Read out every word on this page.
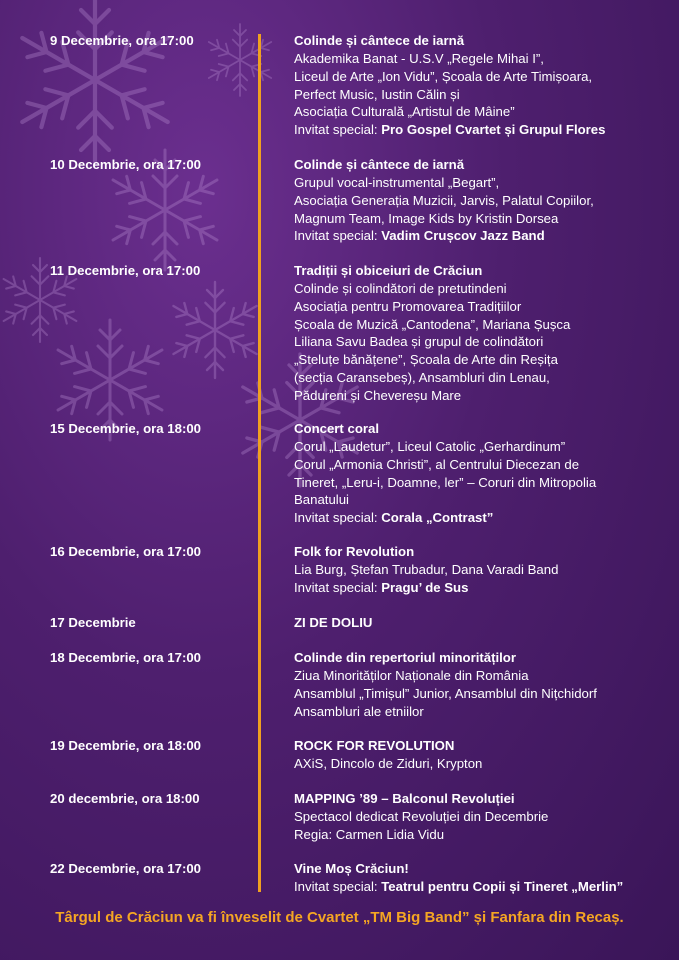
9 Decembrie, ora 17:00	Colinde și cântece de iarnă
Akademika Banat - U.S.V „Regele Mihai I”,
Liceul de Arte „Ion Vidu”, Școala de Arte Timișoara,
Perfect Music, Iustin Călin și
Asociația Culturală „Artistul de Mâine”
Invitat special: Pro Gospel Cvartet și Grupul Flores
10 Decembrie, ora 17:00	Colinde și cântece de iarnă
Grupul vocal-instrumental „Begart”,
Asociația Generația Muzicii, Jarvis, Palatul Copiilor,
Magnum Team, Image Kids by Kristin Dorsea
Invitat special: Vadim Crușcov Jazz Band
11 Decembrie, ora 17:00	Tradiții și obiceiuri de Crăciun
Colinde și colindători de pretutindeni
Asociația pentru Promovarea Tradițiilor
Școala de Muzică „Cantodena”, Mariana Șușca
Liliana Savu Badea și grupul de colindători
„Steluțe bănățene”, Școala de Arte din Reșița
(secția Caransebeș), Ansambluri din Lenau,
Pădureni și Chevereșu Mare
15 Decembrie, ora 18:00	Concert coral
Corul „Laudetur”, Liceul Catolic „Gerhardinum”
Corul „Armonia Christi”, al Centrului Diecezan de
Tineret, „Leru-i, Doamne, ler” – Coruri din Mitropolia
Banatului
Invitat special: Corala „Contrast”
16 Decembrie, ora 17:00	Folk for Revolution
Lia Burg, Ștefan Trubadur, Dana Varadi Band
Invitat special: Pragu’ de Sus
17 Decembrie	ZI DE DOLIU
18 Decembrie, ora 17:00	Colinde din repertoriul minorităților
Ziua Minorităților Naționale din România
Ansamblul „Timișul” Junior, Ansamblul din Nițchidorf
Ansambluri ale etniilor
19 Decembrie, ora 18:00	ROCK FOR REVOLUTION
AXiS, Dincolo de Ziduri, Krypton
20 decembrie, ora 18:00	MAPPING ’89 – Balconul Revoluției
Spectacol dedicat Revoluției din Decembrie
Regia: Carmen Lidia Vidu
22 Decembrie, ora 17:00	Vine Moș Crăciun!
Invitat special: Teatrul pentru Copii și Tineret „Merlin”
Târgul de Crăciun va fi înveselit de Cvartet „TM Big Band” și Fanfara din Recaș.
